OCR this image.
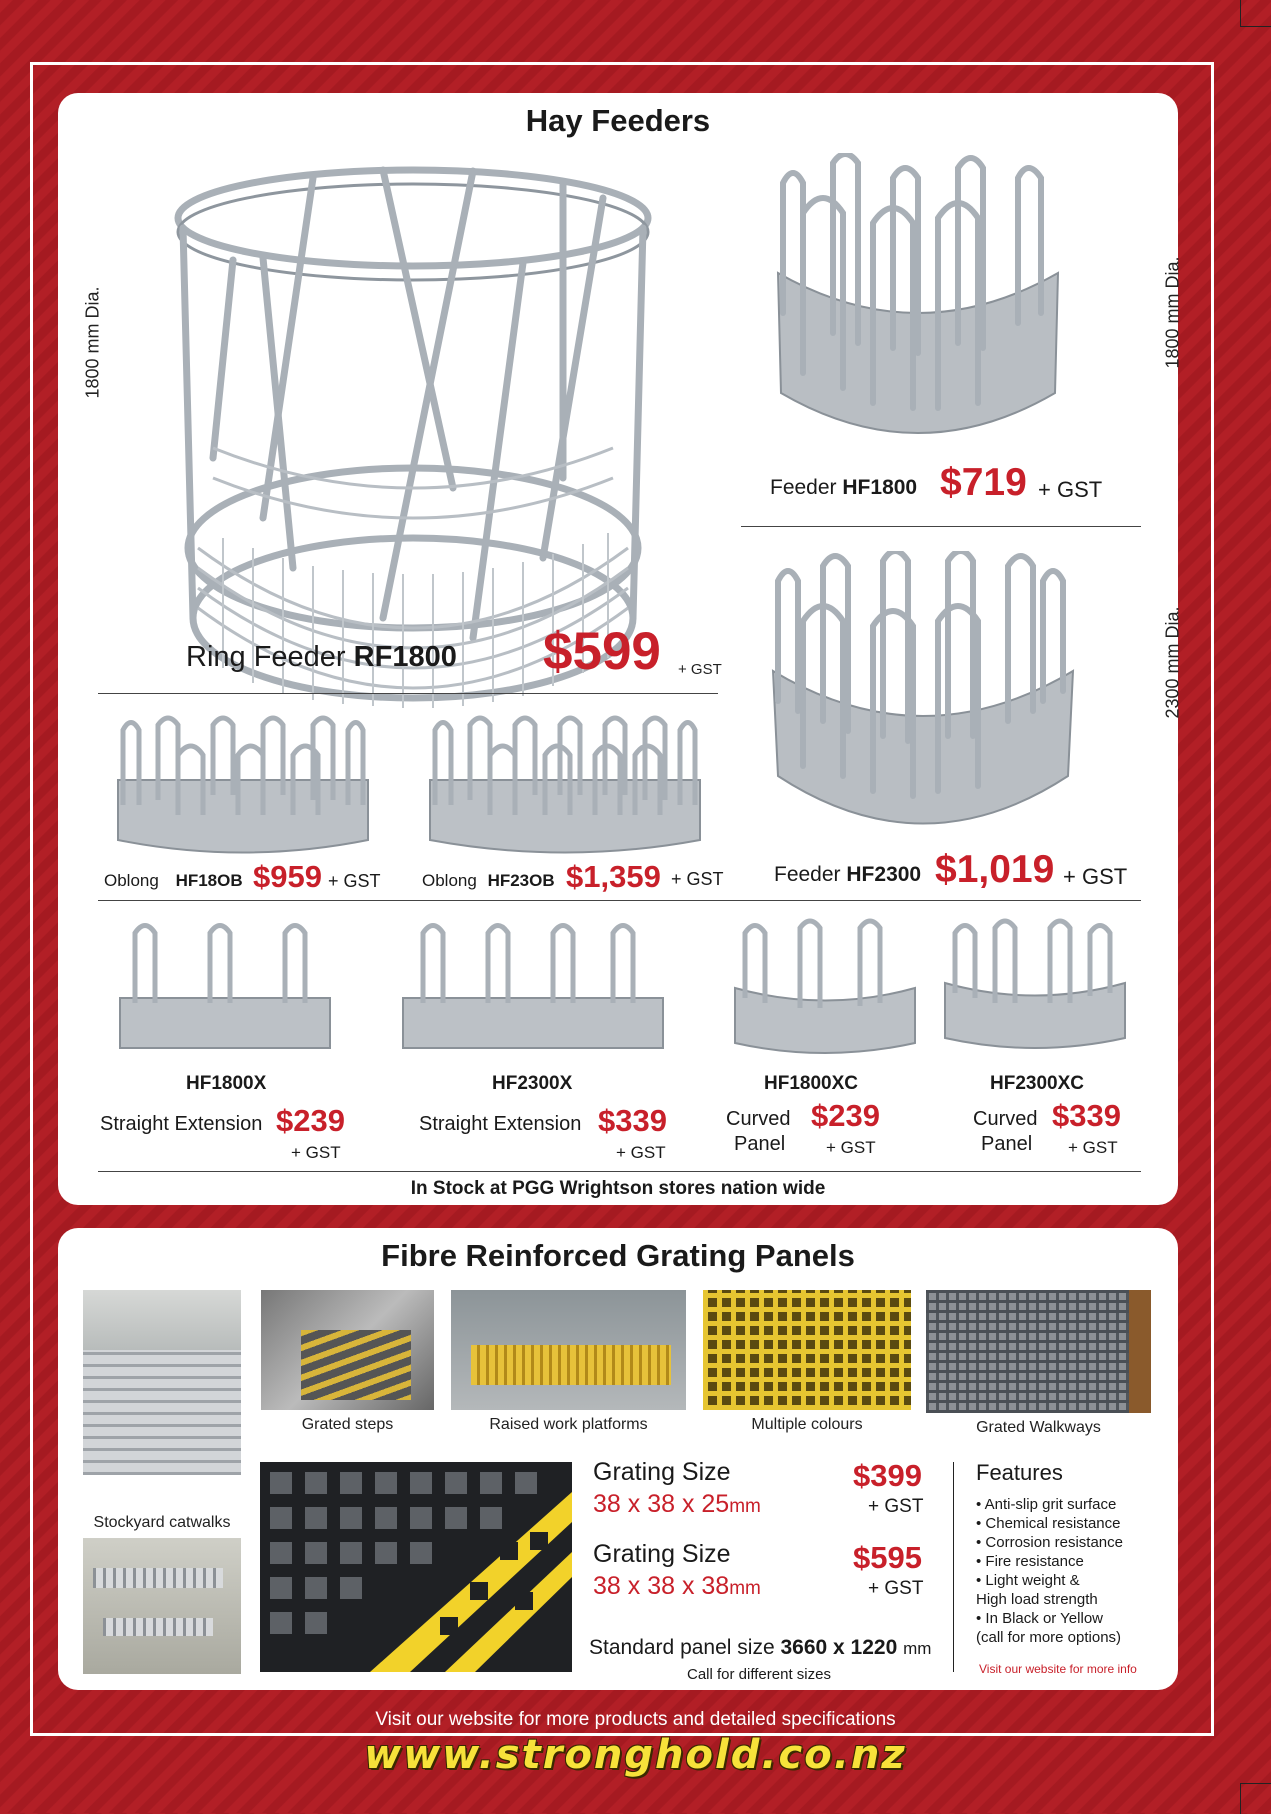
Hay Feeders
1800 mm Dia.
Ring Feeder RF1800 $599 + GST
1800 mm Dia.
Feeder HF1800 $719 + GST
2300 mm Dia.
Feeder HF2300 $1,019 + GST
Oblong HF18OB $959 + GST Oblong HF23OB $1,359 + GST
HF1800X
Straight Extension $239
+ GST
HF2300X
Straight Extension $339
+ GST
HF1800XC
Curved
Panel
$239
+ GST
HF2300XC
Curved
Panel
$339
+ GST
In Stock at PGG Wrightson stores nation wide
Fibre Reinforced Grating Panels
Stockyard catwalks
Grated steps	Raised work platforms	Multiple colours	Grated Walkways
Grating Size
38 x 38 x 25mm
$399
+ GST
Grating Size
38 x 38 x 38mm
$595
+ GST
Standard panel size 3660 x 1220 mm
Call for different sizes
Features
• Anti-slip grit surface
• Chemical resistance
• Corrosion resistance
• Fire resistance
• Light weight &
High load strength
• In Black or Yellow
(call for more options)
Visit our website for more info
Visit our website for more products and detailed specifications
www.stronghold.co.nz
